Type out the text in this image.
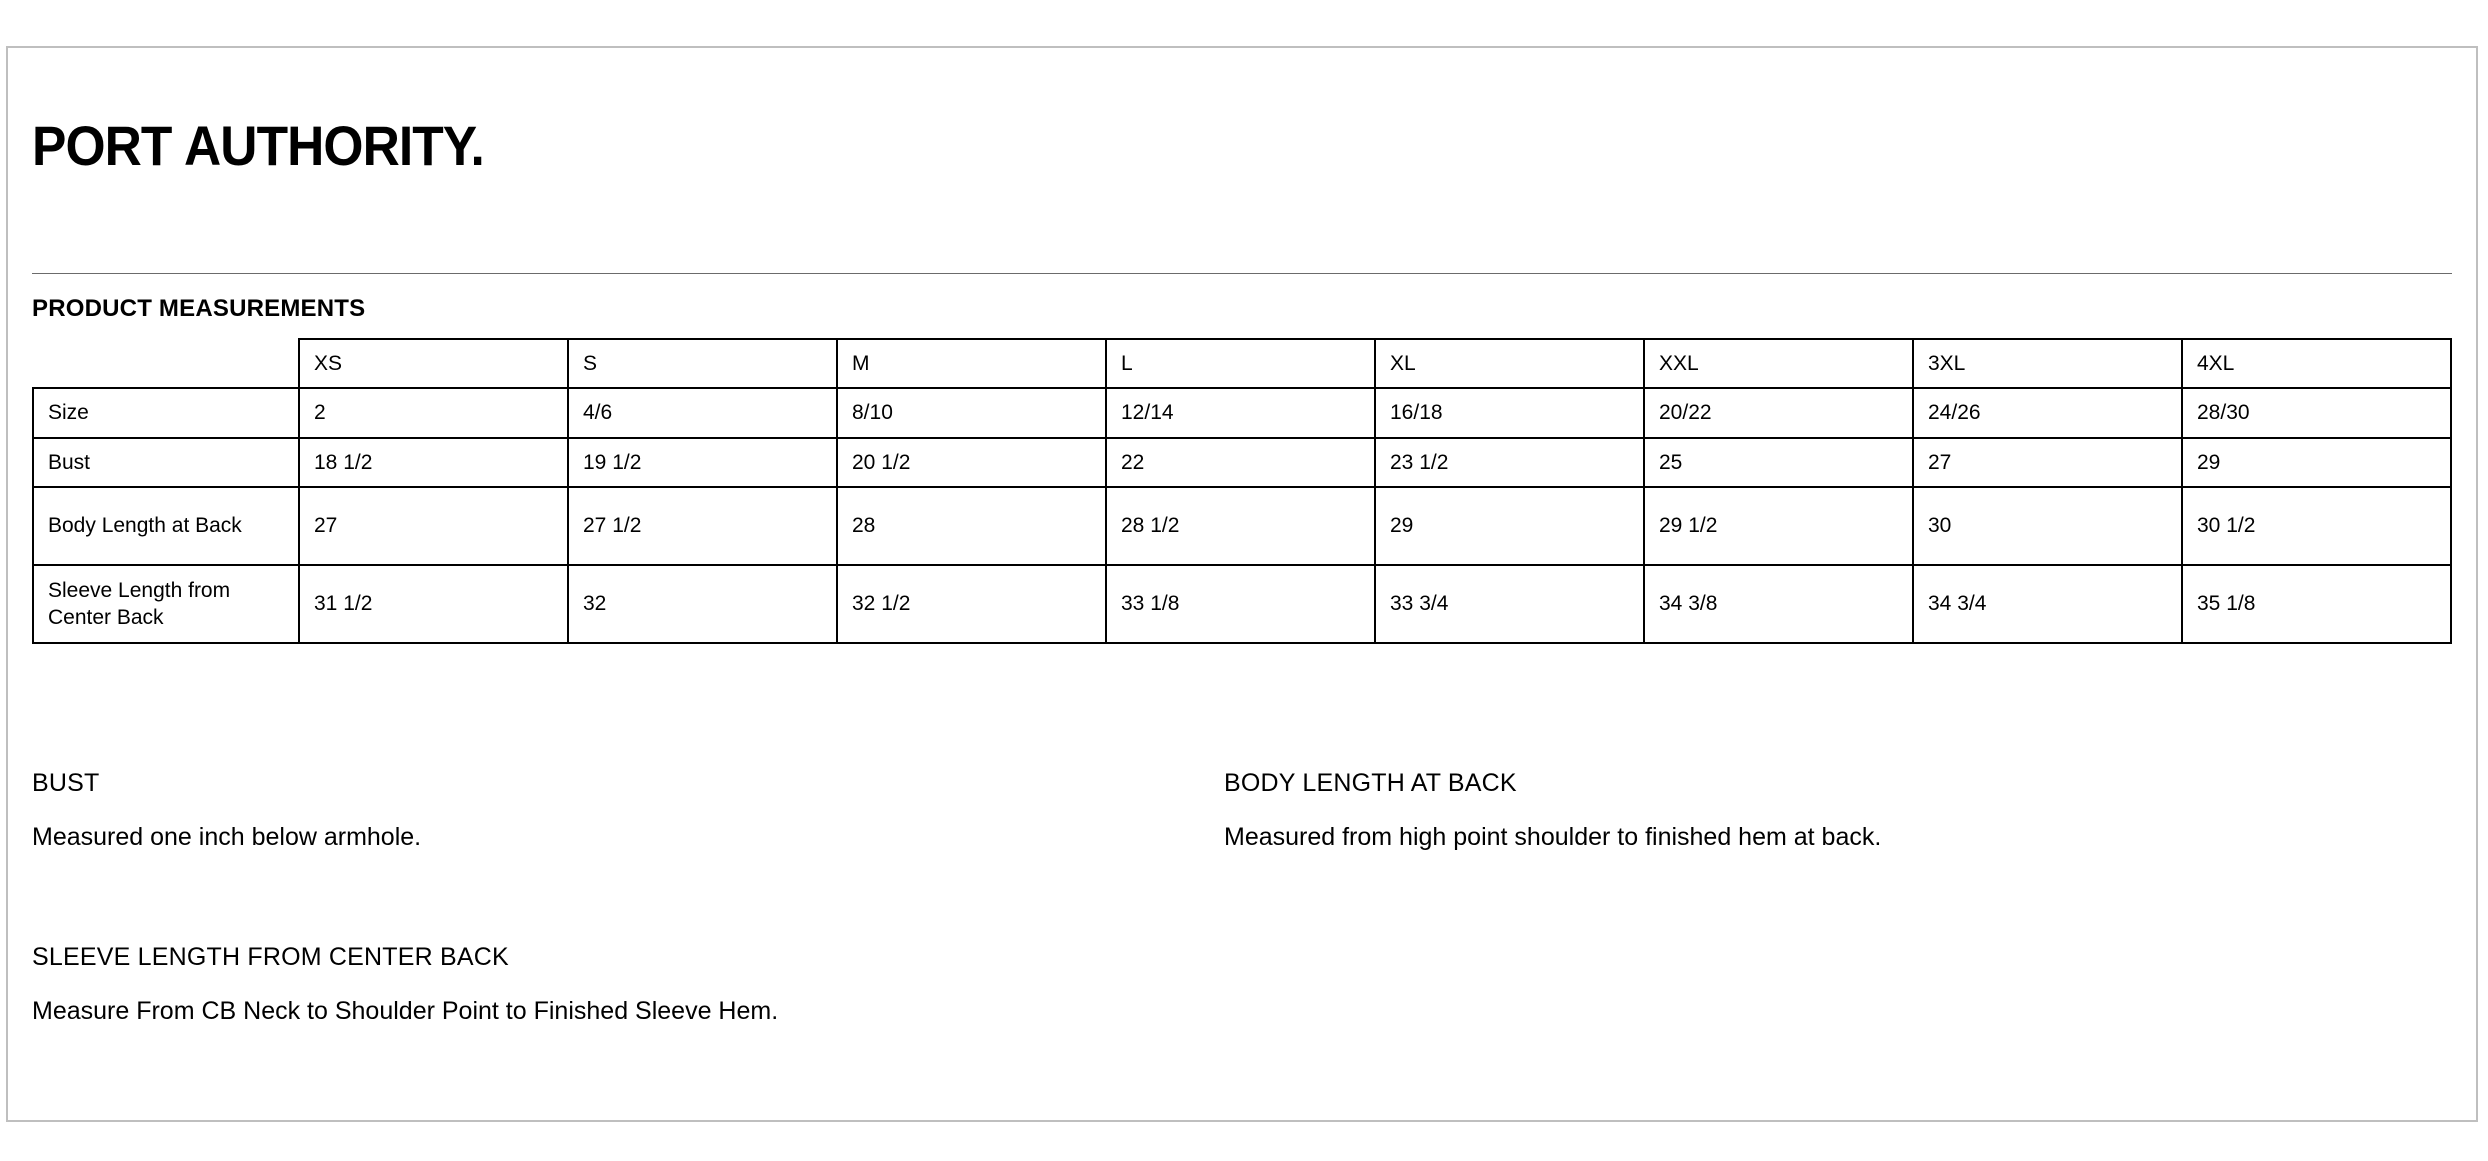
PORT AUTHORITY.
PRODUCT MEASUREMENTS
	XS	S	M	L	XL	XXL	3XL	4XL
Size	2	4/6	8/10	12/14	16/18	20/22	24/26	28/30
Bust	18 1/2	19 1/2	20 1/2	22	23 1/2	25	27	29
Body Length at Back	27	27 1/2	28	28 1/2	29	29 1/2	30	30 1/2
Sleeve Length from Center Back	31 1/2	32	32 1/2	33 1/8	33 3/4	34 3/8	34 3/4	35 1/8
BUST
Measured one inch below armhole.
BODY LENGTH AT BACK
Measured from high point shoulder to finished hem at back.
SLEEVE LENGTH FROM CENTER BACK
Measure From CB Neck to Shoulder Point to Finished Sleeve Hem.
